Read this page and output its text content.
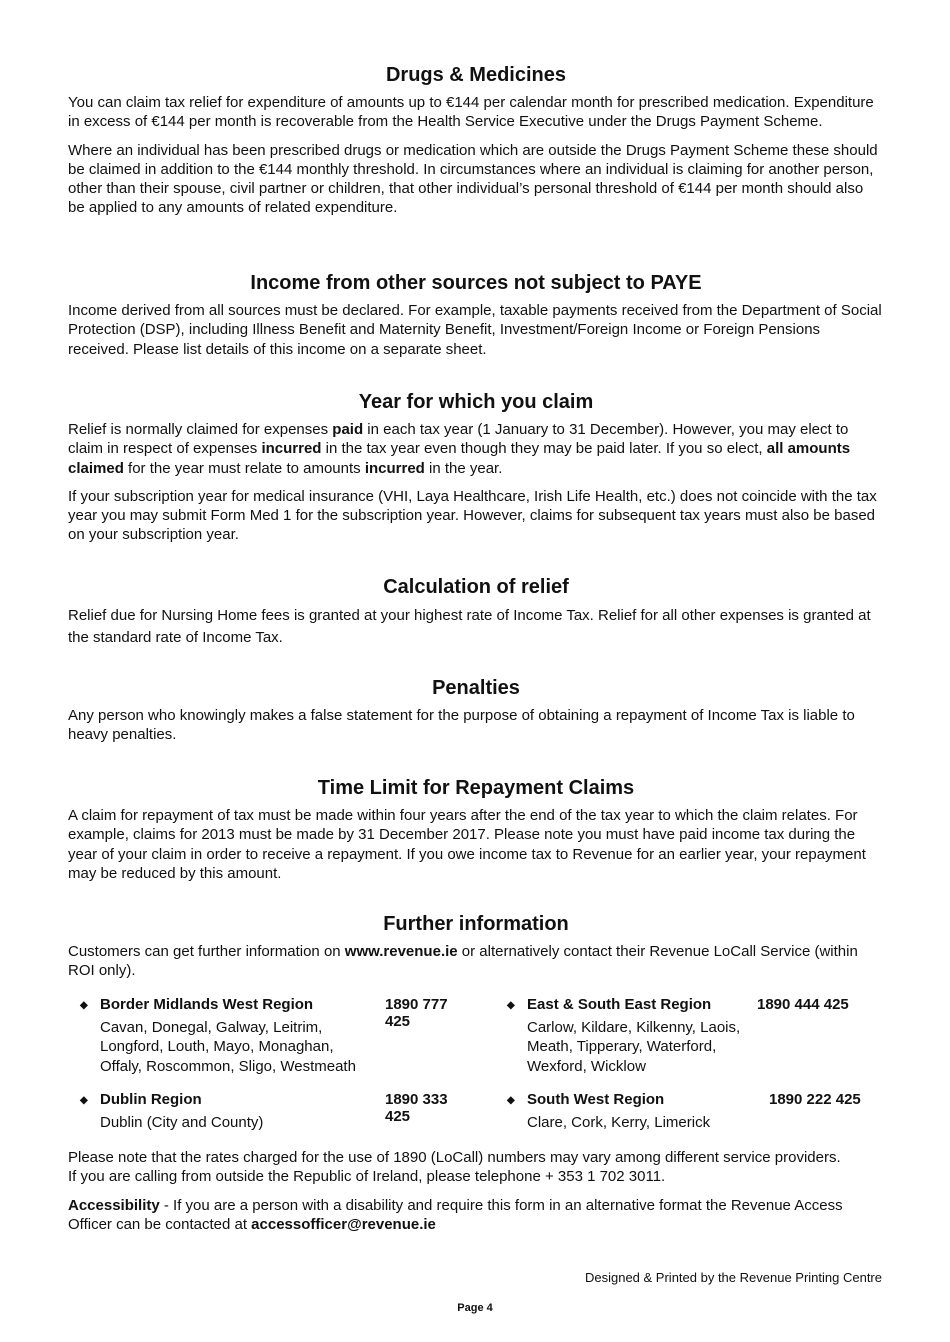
Drugs & Medicines

You can claim tax relief for expenditure of amounts up to €144 per calendar month for prescribed medication. Expenditure in excess of €144 per month is recoverable from the Health Service Executive under the Drugs Payment Scheme.

Where an individual has been prescribed drugs or medication which are outside the Drugs Payment Scheme these should be claimed in addition to the €144 monthly threshold. In circumstances where an individual is claiming for another person, other than their spouse, civil partner or children, that other individual’s personal threshold of €144 per month should also be applied to any amounts of related expenditure.

Income from other sources not subject to PAYE

Income derived from all sources must be declared. For example, taxable payments received from the Department of Social Protection (DSP), including Illness Benefit and Maternity Benefit, Investment/Foreign Income or Foreign Pensions received. Please list details of this income on a separate sheet.

Year for which you claim

Relief is normally claimed for expenses paid in each tax year (1 January to 31 December). However, you may elect to claim in respect of expenses incurred in the tax year even though they may be paid later. If you so elect, all amounts claimed for the year must relate to amounts incurred in the year.

If your subscription year for medical insurance (VHI, Laya Healthcare, Irish Life Health, etc.) does not coincide with the tax year you may submit Form Med 1 for the subscription year. However, claims for subsequent tax years must also be based on your subscription year.

Calculation of relief

Relief due for Nursing Home fees is granted at your highest rate of Income Tax. Relief for all other expenses is granted at the standard rate of Income Tax.

Penalties

Any person who knowingly makes a false statement for the purpose of obtaining a repayment of Income Tax is liable to heavy penalties.

Time Limit for Repayment Claims

A claim for repayment of tax must be made within four years after the end of the tax year to which the claim relates. For example, claims for 2013 must be made by 31 December 2017. Please note you must have paid income tax during the year of your claim in order to receive a repayment. If you owe income tax to Revenue for an earlier year, your repayment may be reduced by this amount.

Further information

Customers can get further information on www.revenue.ie or alternatively contact their Revenue LoCall Service (within ROI only).

◆ Border Midlands West Region	1890 777 425
Cavan, Donegal, Galway, Leitrim,
Longford, Louth, Mayo, Monaghan,
Offaly, Roscommon, Sligo, Westmeath
◆ East & South East Region	1890 444 425
Carlow, Kildare, Kilkenny, Laois,
Meath, Tipperary, Waterford,
Wexford, Wicklow
◆ Dublin Region	1890 333 425
Dublin (City and County)
◆ South West Region	1890 222 425
Clare, Cork, Kerry, Limerick

Please note that the rates charged for the use of 1890 (LoCall) numbers may vary among different service providers.

If you are calling from outside the Republic of Ireland, please telephone + 353 1 702 3011.

Accessibility - If you are a person with a disability and require this form in an alternative format the Revenue Access Officer can be contacted at accessofficer@revenue.ie

Designed & Printed by the Revenue Printing Centre
Page 4
